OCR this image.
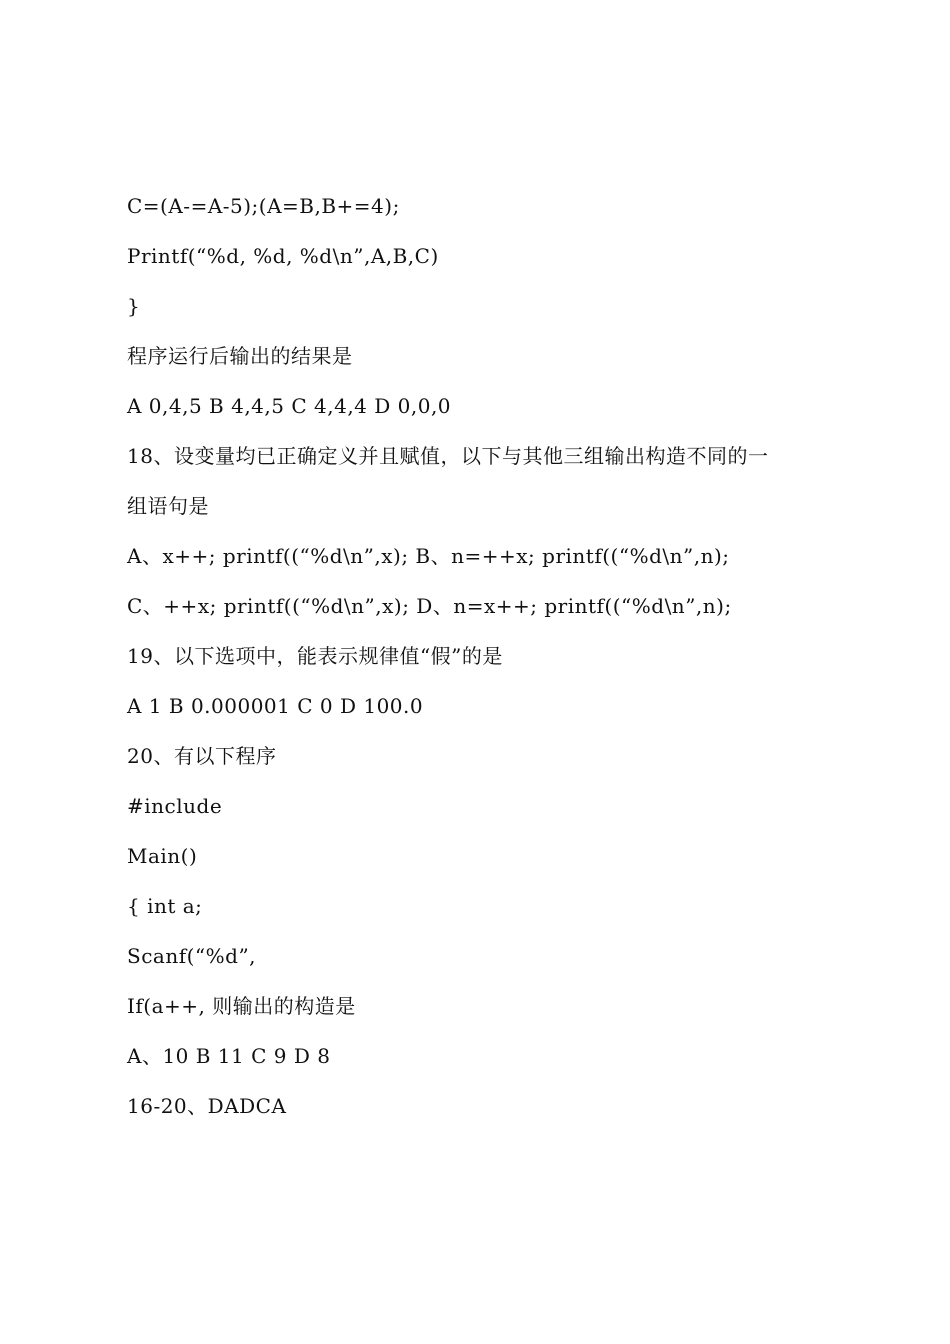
C=(A-=A-5);(A=B,B+=4);
Printf(“%d, %d, %d\n”,A,B,C)
}
程序运行后输出的结果是
A 0,4,5 B 4,4,5 C 4,4,4 D 0,0,0
18、设变量均已正确定义并且赋值，以下与其他三组输出构造不同的一
组语句是
A、x++; printf((“%d\n”,x); B、n=++x; printf((“%d\n”,n);
C、++x; printf((“%d\n”,x); D、n=x++; printf((“%d\n”,n);
19、以下选项中，能表示规律值“假”的是
A 1 B 0.000001 C 0 D 100.0
20、有以下程序
#include
Main()
{ int a;
Scanf(“%d”,
If(a++, 则输出的构造是
A、10 B 11 C 9 D 8
16-20、DADCA
